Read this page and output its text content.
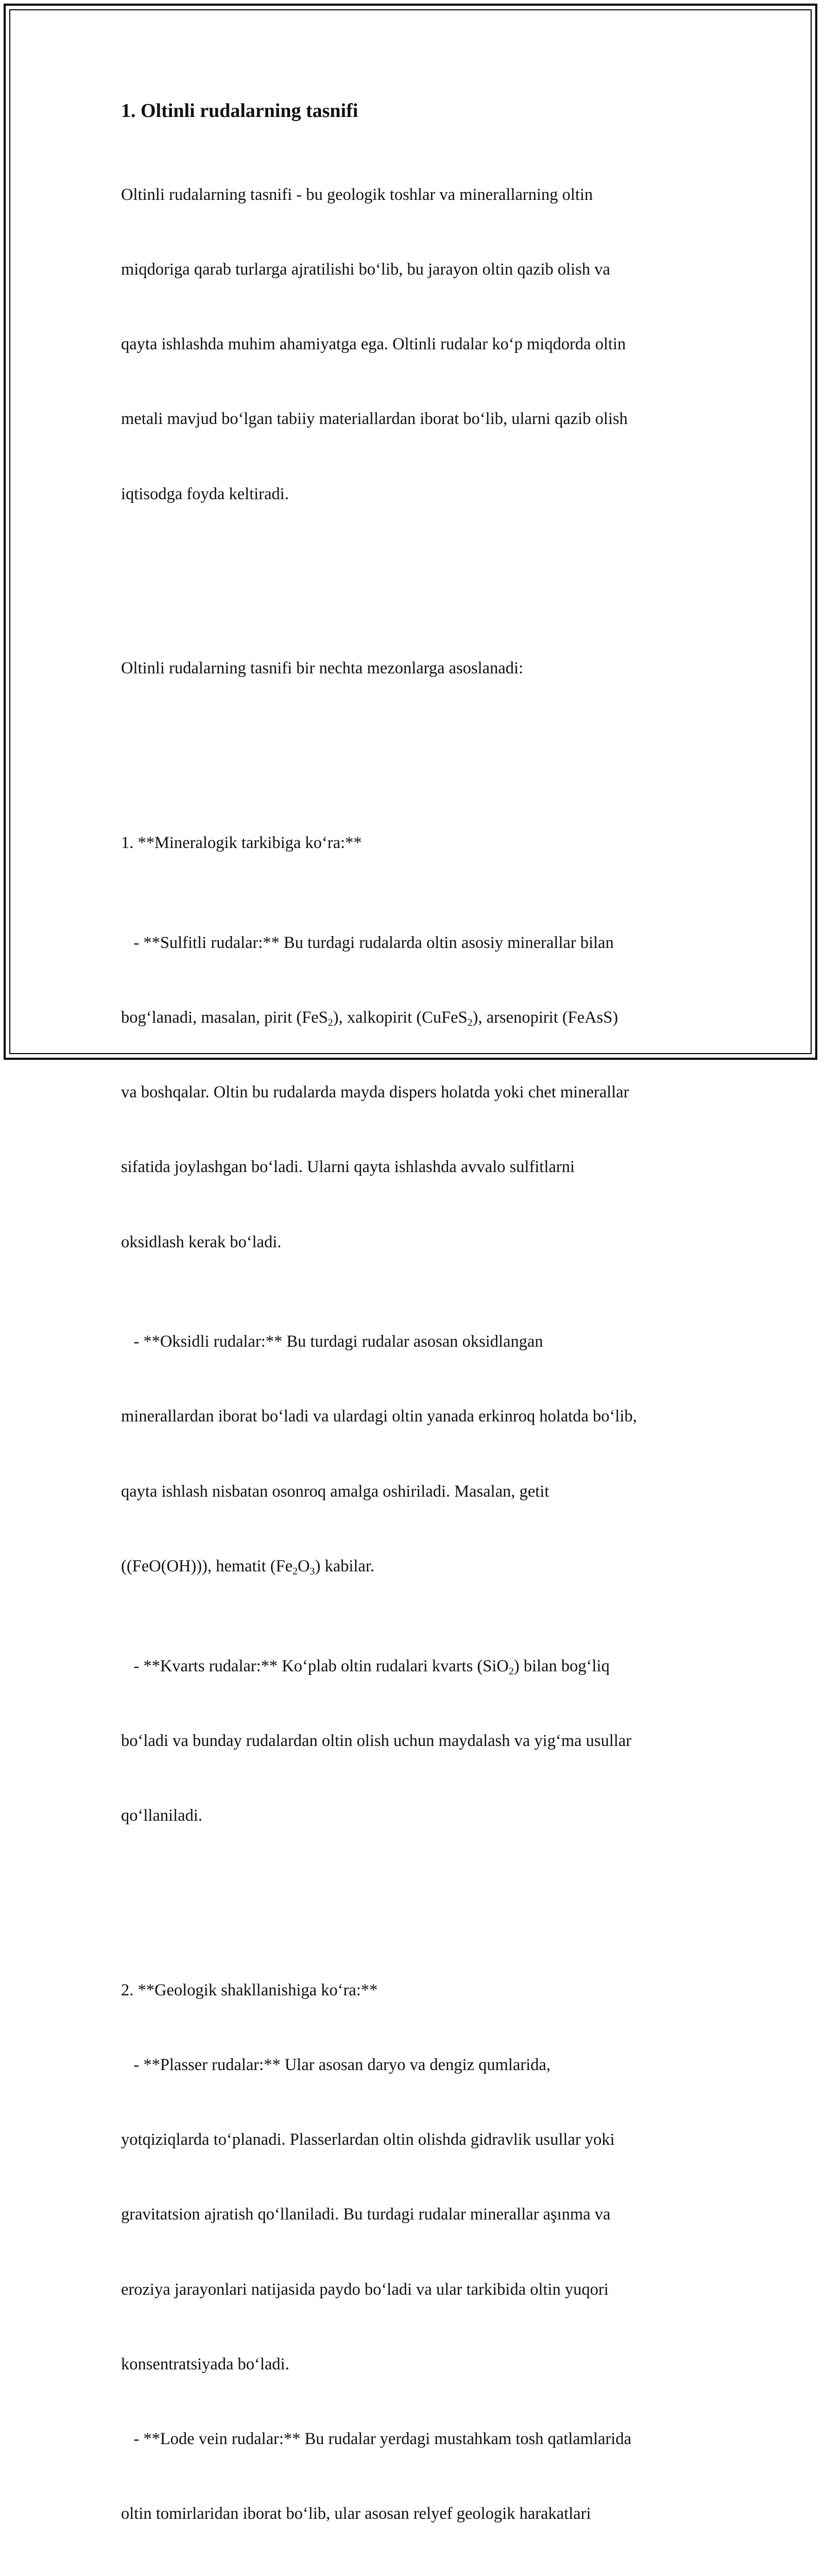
1. Oltinli rudalarning tasnifi

Oltinli rudalarning tasnifi - bu geologik toshlar va minerallarning oltin

miqdoriga qarab turlarga ajratilishi bo‘lib, bu jarayon oltin qazib olish va

qayta ishlashda muhim ahamiyatga ega. Oltinli rudalar ko‘p miqdorda oltin

metali mavjud bo‘lgan tabiiy materiallardan iborat bo‘lib, ularni qazib olish

iqtisodga foyda keltiradi.

Oltinli rudalarning tasnifi bir nechta mezonlarga asoslanadi:

1. **Mineralogik tarkibiga ko‘ra:**

- **Sulfitli rudalar:** Bu turdagi rudalarda oltin asosiy minerallar bilan

bog‘lanadi, masalan, pirit (FeS$_2$), xalkopirit (CuFeS$_2$), arsenopirit (FeAsS)

va boshqalar. Oltin bu rudalarda mayda dispers holatda yoki chet minerallar

sifatida joylashgan bo‘ladi. Ularni qayta ishlashda avvalo sulfitlarni

oksidlash kerak bo‘ladi.

- **Oksidli rudalar:** Bu turdagi rudalar asosan oksidlangan

minerallardan iborat bo‘ladi va ulardagi oltin yanada erkinroq holatda bo‘lib,

qayta ishlash nisbatan osonroq amalga oshiriladi. Masalan, getit

((FeO(OH))), hematit $(Fe_2O_3)$ kabilar.

- **Kvarts rudalar:** Ko‘plab oltin rudalari kvarts (SiO$_2$) bilan bog‘liq

bo‘ladi va bunday rudalardan oltin olish uchun maydalash va yig‘ma usullar

qo‘llaniladi.

2. **Geologik shakllanishiga ko‘ra:**

- **Plasser rudalar:** Ular asosan daryo va dengiz qumlarida,

yotqiziqlarda to‘planadi. Plasserlardan oltin olishda gidravlik usullar yoki

gravitatsion ajratish qo‘llaniladi. Bu turdagi rudalar minerallar aşınma va

eroziya jarayonlari natijasida paydo bo‘ladi va ular tarkibida oltin yuqori

konsentratsiyada bo‘ladi.

- **Lode vein rudalar:** Bu rudalar yerdagi mustahkam tosh qatlamlarida

oltin tomirlaridan iborat bo‘lib, ular asosan relyef geologik harakatlari
